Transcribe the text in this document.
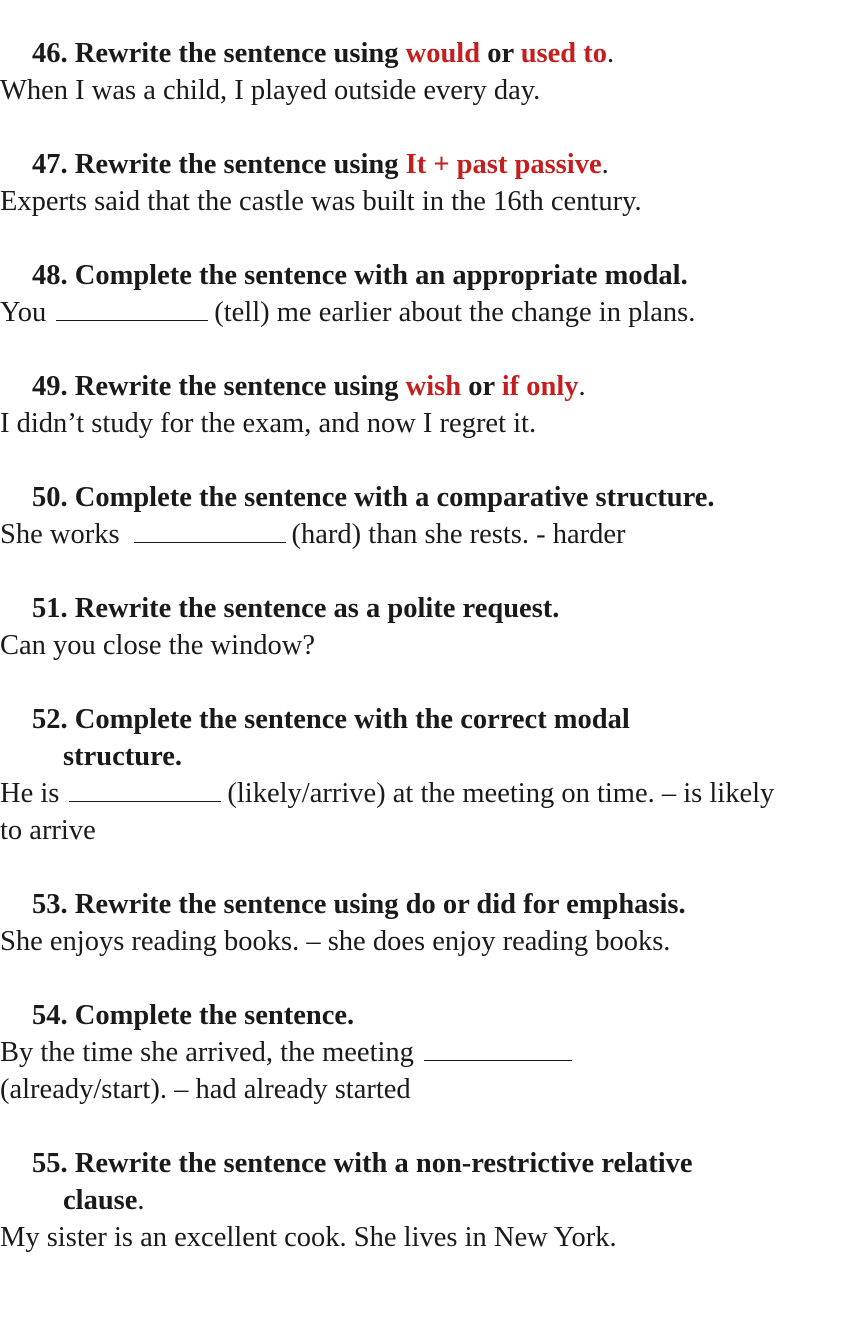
46. Rewrite the sentence using would or used to.

When I was a child, I played outside every day.

47. Rewrite the sentence using It + past passive.

Experts said that the castle was built in the 16th century.

48. Complete the sentence with an appropriate modal.

You	(tell) me earlier about the change in plans.

49. Rewrite the sentence using wish or if only.

I didn’t study for the exam, and now I regret it.

50. Complete the sentence with a comparative structure.

She works	(hard) than she rests. - harder

51. Rewrite the sentence as a polite request.

Can you close the window?

52. Complete the sentence with the correct modal
structure.

He is	(likely/arrive) at the meeting on time. – is likely to arrive

53. Rewrite the sentence using do or did for emphasis.

She enjoys reading books. – she does enjoy reading books.

54. Complete the sentence.

By the time she arrived, the meeting(already/start). – had already started

55. Rewrite the sentence with a non-restrictive relative
clause.

My sister is an excellent cook. She lives in New York.
